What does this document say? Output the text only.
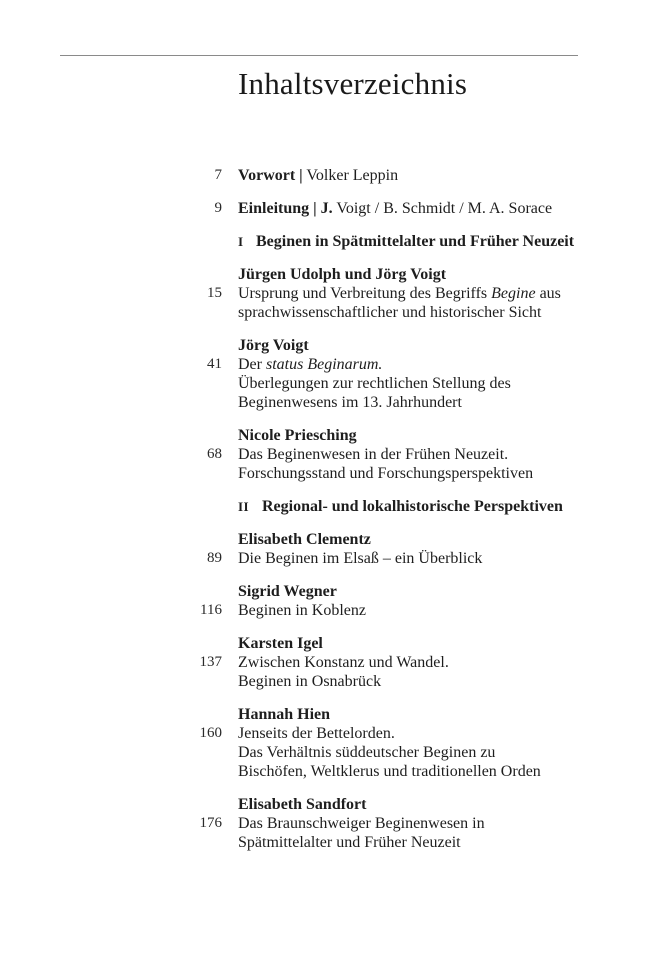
Inhaltsverzeichnis
7 Vorwort | Volker Leppin
9 Einleitung | J. Voigt / B. Schmidt / M. A. Sorace
I Beginen in Spätmittelalter und Früher Neuzeit
Jürgen Udolph und Jörg Voigt
15 Ursprung und Verbreitung des Begriffs Begine aus
sprachwissenschaftlicher und historischer Sicht
Jörg Voigt
41 Der status Beginarum.
Überlegungen zur rechtlichen Stellung des
Beginenwesens im 13. Jahrhundert
Nicole Priesching
68 Das Beginenwesen in der Frühen Neuzeit.
Forschungsstand und Forschungsperspektiven
II Regional- und lokalhistorische Perspektiven
Elisabeth Clementz
89 Die Beginen im Elsaß – ein Überblick
Sigrid Wegner
116 Beginen in Koblenz
Karsten Igel
137 Zwischen Konstanz und Wandel.
Beginen in Osnabrück
Hannah Hien
160 Jenseits der Bettelorden.
Das Verhältnis süddeutscher Beginen zu
Bischöfen, Weltklerus und traditionellen Orden
Elisabeth Sandfort
176 Das Braunschweiger Beginenwesen in
Spätmittelalter und Früher Neuzeit
